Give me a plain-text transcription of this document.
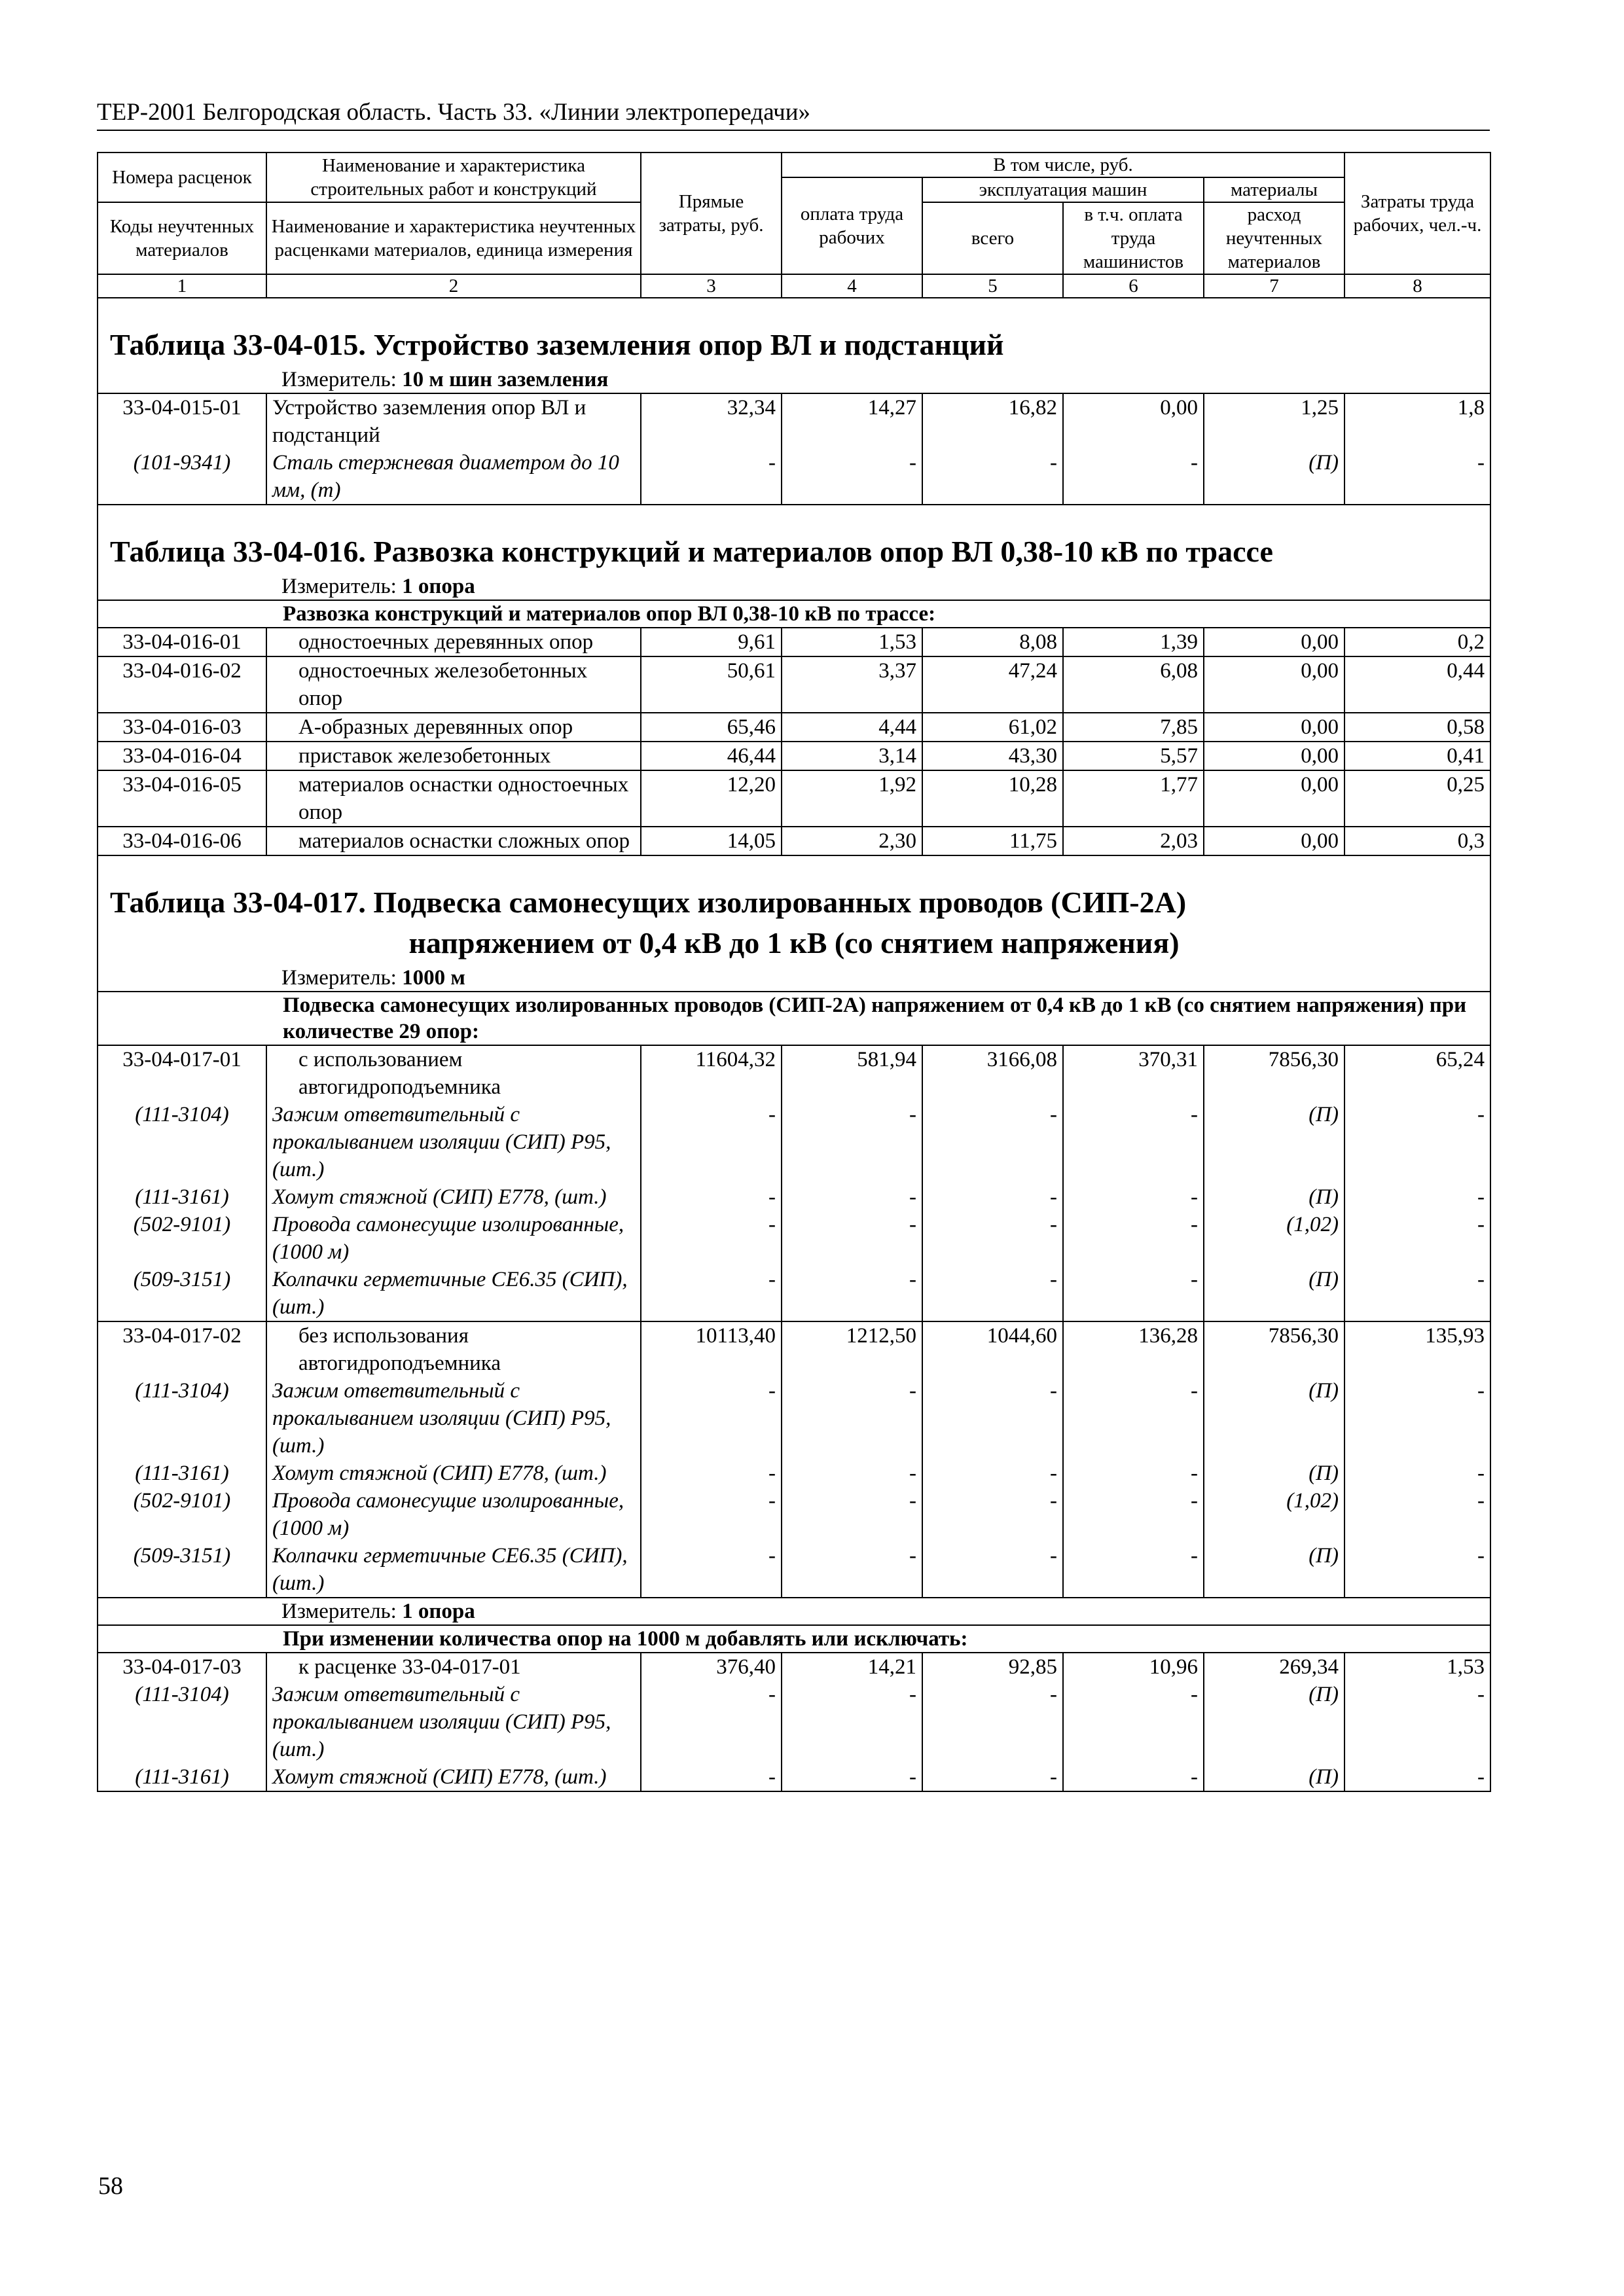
ТЕР-2001 Белгородская область. Часть 33. «Линии электропередачи»
Номера расценок	Наименование и характеристика строительных работ и конструкций	Прямые затраты, руб.	В том числе, руб.				Затраты труда рабочих, чел.-ч.
			оплата труда рабочих	эксплуатация машин		материалы	
Коды неучтенных материалов	Наименование и характеристика неучтенных расценками материалов, единица измерения			всего	в т.ч. оплата труда машинистов	расход неучтенных материалов	
1	2	3	4	5	6	7	8
Таблица 33-04-015. Устройство заземления опор ВЛ и подстанций							
Измеритель: 10 м шин заземления							
33-04-015-01	Устройство заземления опор ВЛ и подстанций	32,34	14,27	16,82	0,00	1,25	1,8
(101-9341)	Сталь стержневая диаметром до 10 мм, (т)	-	-	-	-	(П)	-
Таблица 33-04-016. Развозка конструкций и материалов опор ВЛ 0,38-10 кВ по трассе							
Измеритель: 1 опора							
Развозка конструкций и материалов опор ВЛ 0,38-10 кВ по трассе:							
33-04-016-01	одностоечных деревянных опор	9,61	1,53	8,08	1,39	0,00	0,2
33-04-016-02	одностоечных железобетонных опор	50,61	3,37	47,24	6,08	0,00	0,44
33-04-016-03	А-образных деревянных опор	65,46	4,44	61,02	7,85	0,00	0,58
33-04-016-04	приставок железобетонных	46,44	3,14	43,30	5,57	0,00	0,41
33-04-016-05	материалов оснастки одностоечных опор	12,20	1,92	10,28	1,77	0,00	0,25
33-04-016-06	материалов оснастки сложных опор	14,05	2,30	11,75	2,03	0,00	0,3
Таблица 33-04-017. Подвеска самонесущих изолированных проводов (СИП-2А)							
напряжением от 0,4 кВ до 1 кВ (со снятием напряжения)							
Измеритель: 1000 м							
Подвеска самонесущих изолированных проводов (СИП-2А) напряжением от 0,4 кВ до 1 кВ (со снятием напряжения) при количестве 29 опор:							
33-04-017-01	с использованием автогидроподъемника	11604,32	581,94	3166,08	370,31	7856,30	65,24
(111-3104)	Зажим ответвительный с прокалыванием изоляции (СИП) Р95, (шт.)	-	-	-	-	(П)	-
(111-3161)	Хомут стяжной (СИП) Е778, (шт.)	-	-	-	-	(П)	-
(502-9101)	Провода самонесущие изолированные, (1000 м)	-	-	-	-	(1,02)	-
(509-3151)	Колпачки герметичные СЕ6.35 (СИП), (шт.)	-	-	-	-	(П)	-
33-04-017-02	без использования автогидроподъемника	10113,40	1212,50	1044,60	136,28	7856,30	135,93
(111-3104)	Зажим ответвительный с прокалыванием изоляции (СИП) Р95, (шт.)	-	-	-	-	(П)	-
(111-3161)	Хомут стяжной (СИП) Е778, (шт.)	-	-	-	-	(П)	-
(502-9101)	Провода самонесущие изолированные, (1000 м)	-	-	-	-	(1,02)	-
(509-3151)	Колпачки герметичные СЕ6.35 (СИП), (шт.)	-	-	-	-	(П)	-
Измеритель: 1 опора							
При изменении количества опор на 1000 м добавлять или исключать:							
33-04-017-03	к расценке 33-04-017-01	376,40	14,21	92,85	10,96	269,34	1,53
(111-3104)	Зажим ответвительный с прокалыванием изоляции (СИП) Р95, (шт.)	-	-	-	-	(П)	-
(111-3161)	Хомут стяжной (СИП) Е778, (шт.)	-	-	-	-	(П)	-
58
